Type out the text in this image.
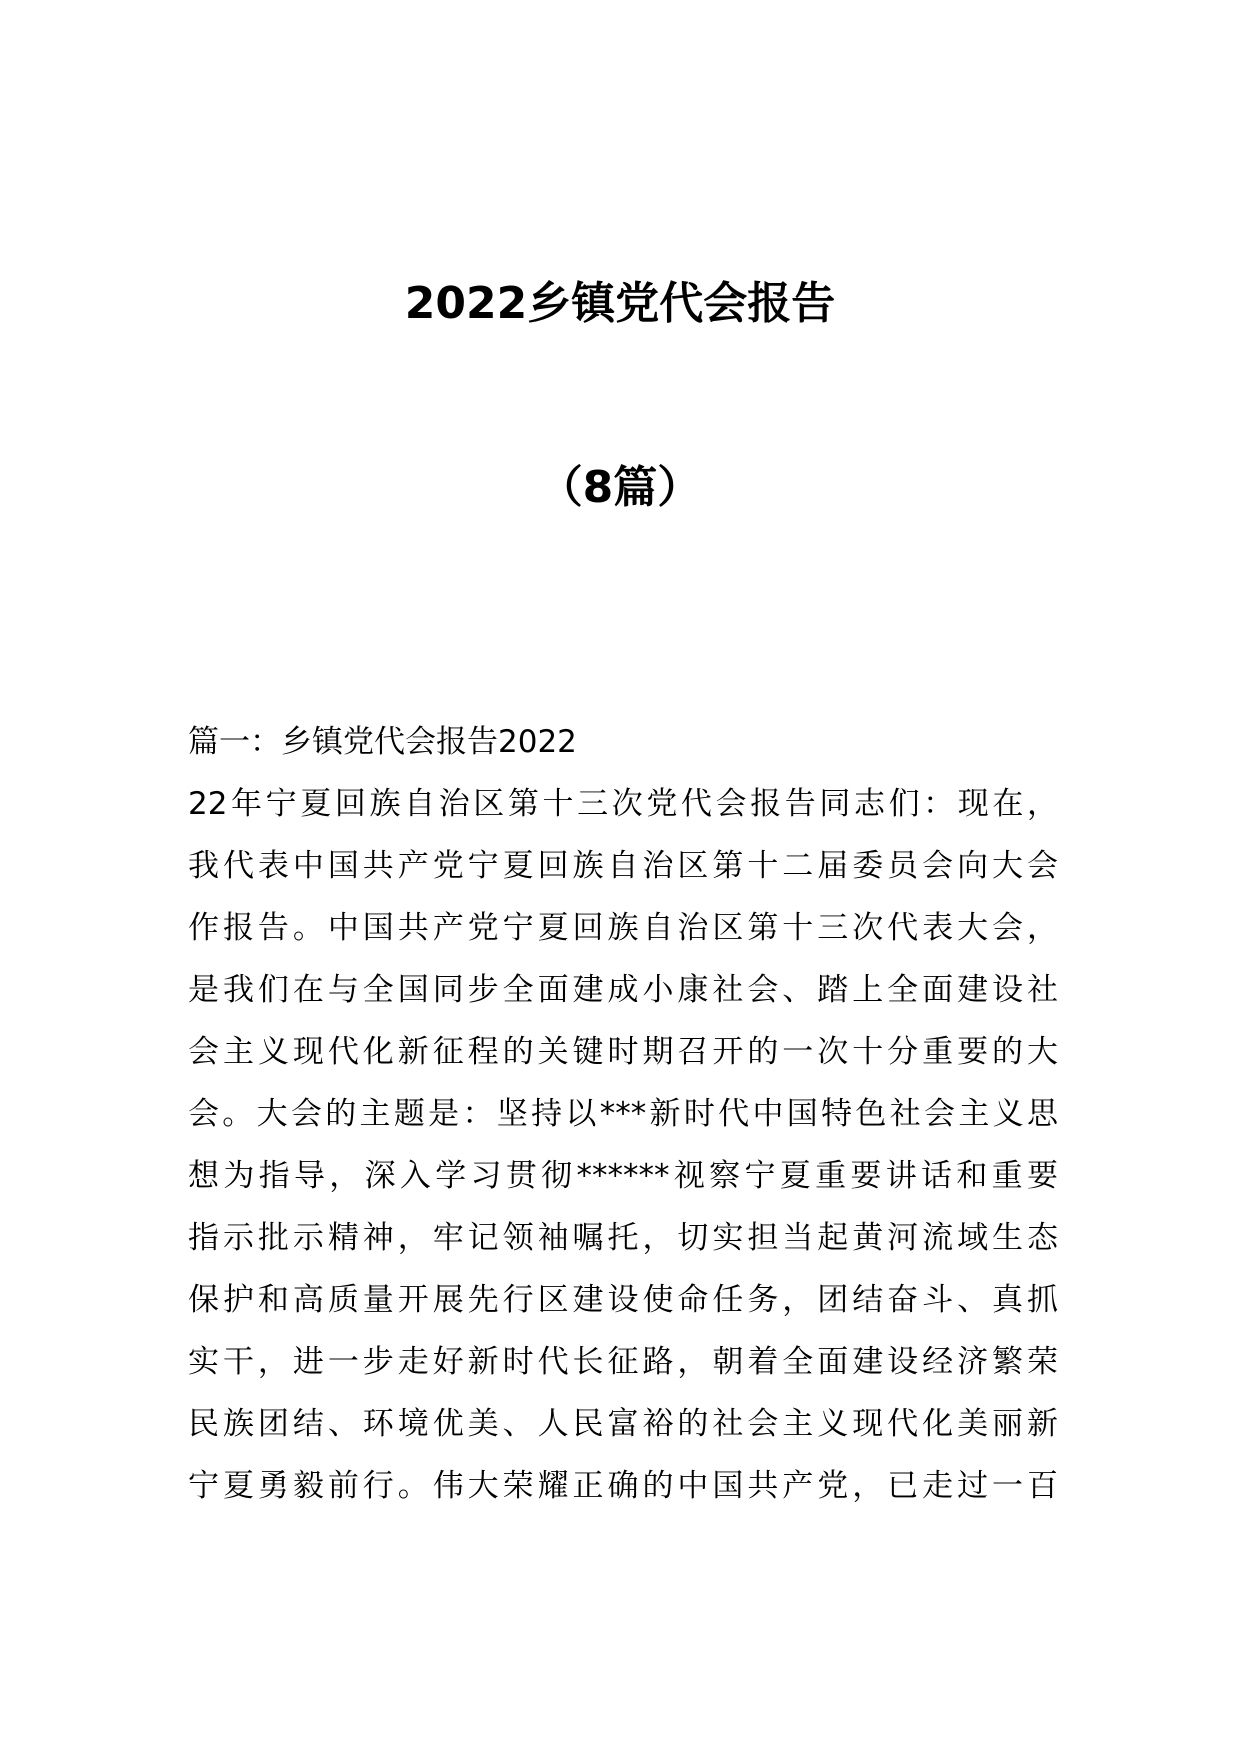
2022乡镇党代会报告
（8篇）
篇一：乡镇党代会报告2022
22年宁夏回族自治区第十三次党代会报告同志们：现在，
我代表中国共产党宁夏回族自治区第十二届委员会向大会
作报告。中国共产党宁夏回族自治区第十三次代表大会，
是我们在与全国同步全面建成小康社会、踏上全面建设社
会主义现代化新征程的关键时期召开的一次十分重要的大
会。大会的主题是：坚持以***新时代中国特色社会主义思
想为指导，深入学习贯彻******视察宁夏重要讲话和重要
指示批示精神，牢记领袖嘱托，切实担当起黄河流域生态
保护和高质量开展先行区建设使命任务，团结奋斗、真抓
实干，进一步走好新时代长征路，朝着全面建设经济繁荣
民族团结、环境优美、人民富裕的社会主义现代化美丽新
宁夏勇毅前行。伟大荣耀正确的中国共产党，已走过一百
